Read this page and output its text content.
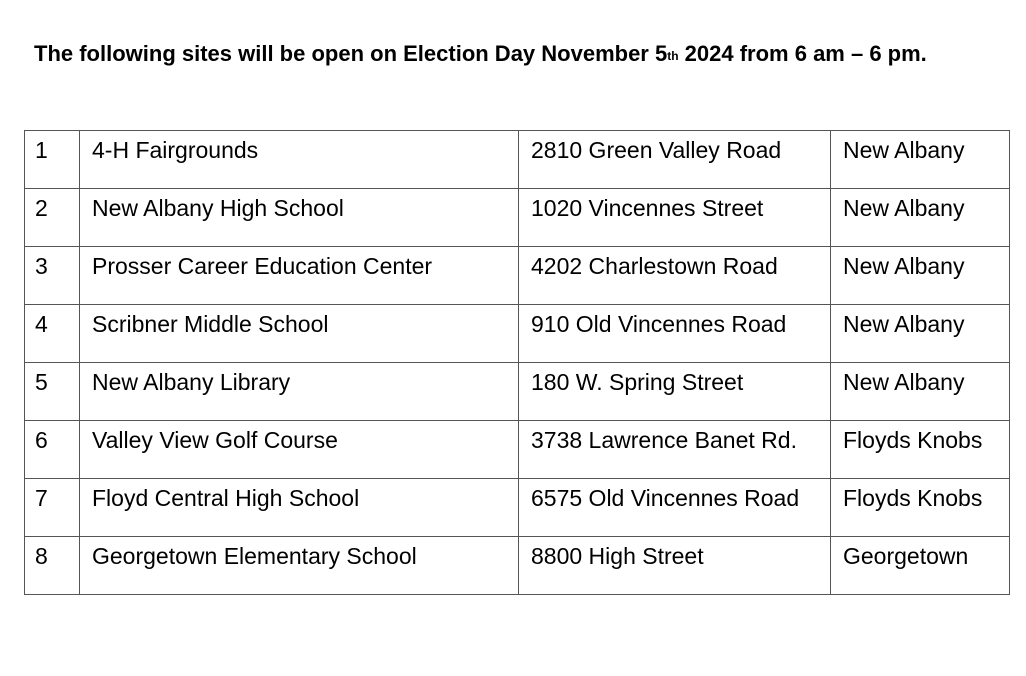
The following sites will be open on Election Day November 5th 2024 from 6 am – 6 pm.

1	4-H Fairgrounds	2810 Green Valley Road	New Albany
2	New Albany High School	1020 Vincennes Street	New Albany
3	Prosser Career Education Center	4202 Charlestown Road	New Albany
4	Scribner Middle School	910 Old Vincennes Road	New Albany
5	New Albany Library	180 W. Spring Street	New Albany
6	Valley View Golf Course	3738 Lawrence Banet Rd.	Floyds Knobs
7	Floyd Central High School	6575 Old Vincennes Road	Floyds Knobs
8	Georgetown Elementary School	8800 High Street	Georgetown
